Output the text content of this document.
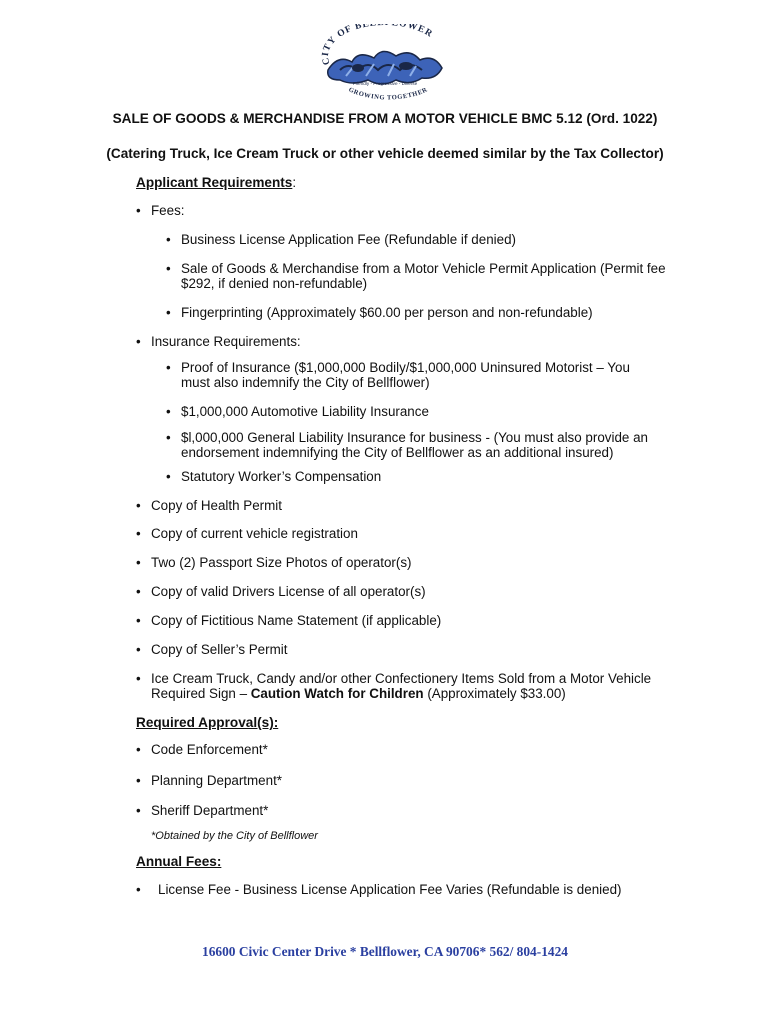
CITY OF BE OWER
Friendly - Progressive - Diverse
GROWING TOGETHER
SALE OF GOODS & MERCHANDISE FROM A MOTOR VEHICLE BMC 5.12 (Ord. 1022)
(Catering Truck, Ice Cream Truck or other vehicle deemed similar by the Tax Collector)
Applicant Requirements:
•
Fees:
•
Business License Application Fee (Refundable if denied)
•
Sale of Goods & Merchandise from a Motor Vehicle Permit Application (Permit fee $292, if denied non-refundable)
•
Fingerprinting (Approximately $60.00 per person and non-refundable)
•
Insurance Requirements:
•
Proof of Insurance ($1,000,000 Bodily/$1,000,000 Uninsured Motorist – You must also indemnify the City of Bellflower)
•
$1,000,000 Automotive Liability Insurance
•
$l,000,000 General Liability Insurance for business - (You must also provide an endorsement indemnifying the City of Bellflower as an additional insured)
•
Statutory Worker’s Compensation
•
Copy of Health Permit
•
Copy of current vehicle registration
•
Two (2) Passport Size Photos of operator(s)
•
Copy of valid Drivers License of all operator(s)
•
Copy of Fictitious Name Statement (if applicable)
•
Copy of Seller’s Permit
•
Ice Cream Truck, Candy and/or other Confectionery Items Sold from a Motor Vehicle Required Sign – Caution Watch for Children (Approximately $33.00)
Required Approval(s):
•
Code Enforcement*
•
Planning Department*
•
Sheriff Department*
*Obtained by the City of Bellflower
Annual Fees:
•
License Fee - Business License Application Fee Varies (Refundable is denied)
16600 Civic Center Drive * Bellflower, CA 90706* 562/ 804-1424
